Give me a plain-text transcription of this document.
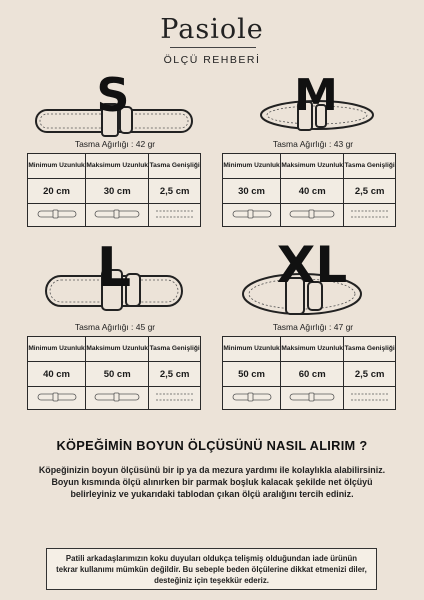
Pasiole
ÖLÇÜ REHBERİ
S
Tasma Ağırlığı : 42 gr
Minimum Uzunluk	Maksimum Uzunluk	Tasma Genişliği
20 cm	30 cm	2,5 cm

M
Tasma Ağırlığı : 43 gr
Minimum Uzunluk	Maksimum Uzunluk	Tasma Genişliği
30 cm	40 cm	2,5 cm

L
Tasma Ağırlığı : 45 gr
Minimum Uzunluk	Maksimum Uzunluk	Tasma Genişliği
40 cm	50 cm	2,5 cm

XL
Tasma Ağırlığı : 47 gr
Minimum Uzunluk	Maksimum Uzunluk	Tasma Genişliği
50 cm	60 cm	2,5 cm

KÖPEĞİMİN BOYUN ÖLÇÜSÜNÜ NASIL ALIRIM ?
Köpeğinizin boyun ölçüsünü bir ip ya da mezura yardımı ile kolaylıkla alabilirsiniz. Boyun kısmında ölçü alınırken bir parmak boşluk kalacak şekilde net ölçüyü belirleyiniz ve yukarıdaki tablodan çıkan ölçü aralığını tercih ediniz.
Patili arkadaşlarımızın koku duyuları oldukça telişmiş olduğundan iade ürünün tekrar kullanımı mümkün değildir. Bu sebeple beden ölçülerine dikkat etmenizi diler, desteğiniz için teşekkür ederiz.
